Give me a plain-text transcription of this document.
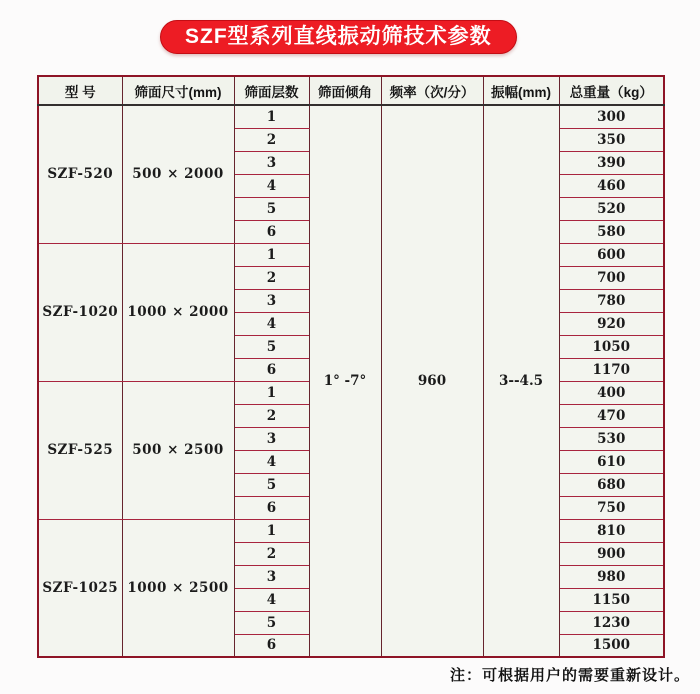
SZF型系列直线振动筛技术参数
型 号	筛面尺寸(mm)	筛面层数	筛面倾角	频率（次/分）	振幅(mm)	总重量（kg）
SZF-520	500 × 2000	1	1° -7°	960	3--4.5	300
		2				350
		3				390
		4				460
		5				520
		6				580
SZF-1020	1000 × 2000	1				600
		2				700
		3				780
		4				920
		5				1050
		6				1170
SZF-525	500 × 2500	1				400
		2				470
		3				530
		4				610
		5				680
		6				750
SZF-1025	1000 × 2500	1				810
		2				900
		3				980
		4				1150
		5				1230
		6				1500
注：可根据用户的需要重新设计。
